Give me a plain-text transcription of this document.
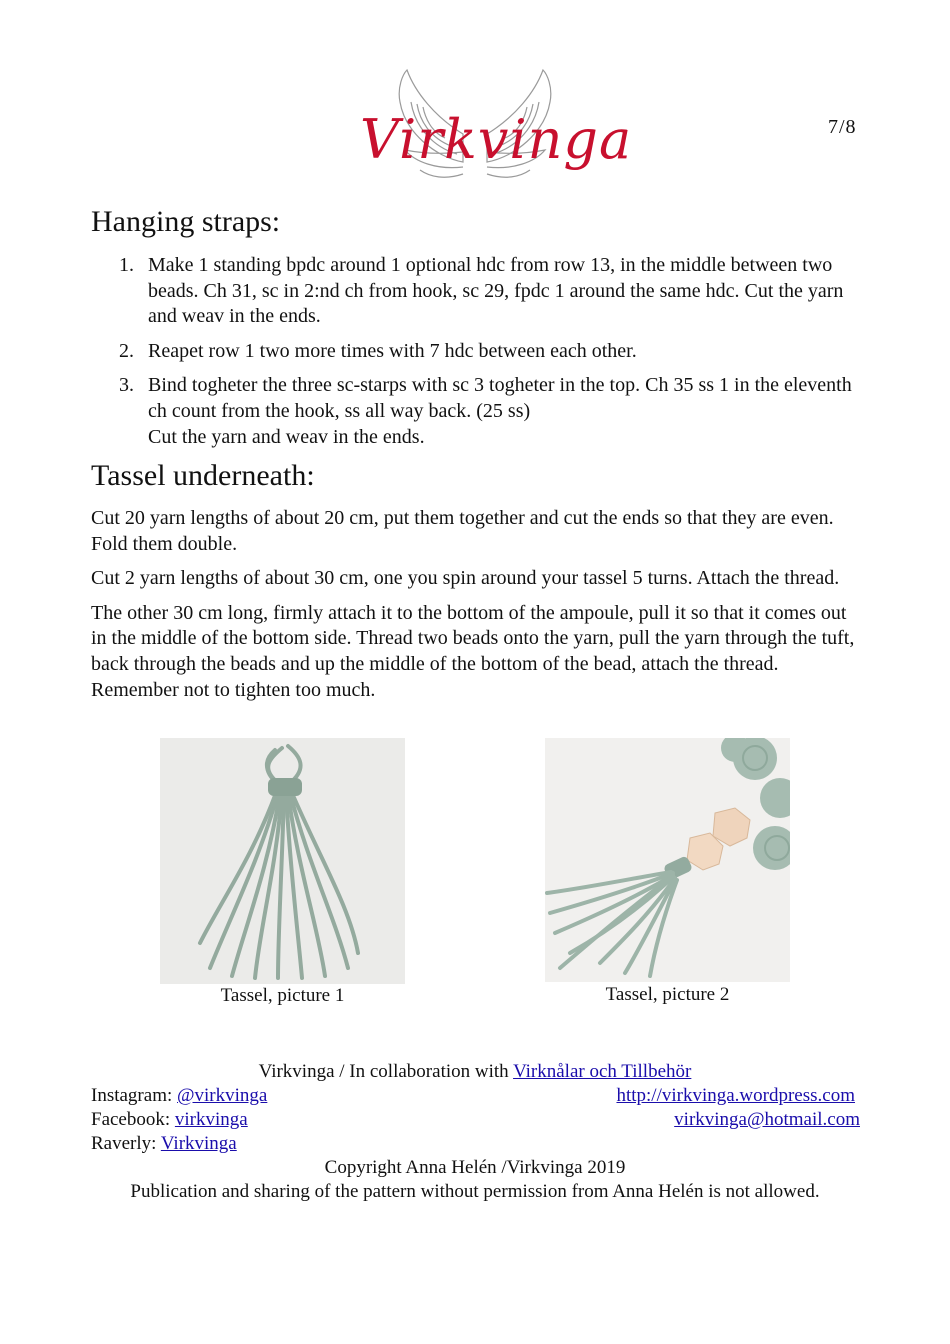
7/8
Virkvinga
Hanging straps:
1. Make 1 standing bpdc around 1 optional hdc from row 13, in the middle between two beads. Ch 31, sc in 2:nd ch from hook, sc 29, fpdc 1 around the same hdc. Cut the yarn and weav in the ends.
2. Reapet row 1 two more times with 7 hdc between each other.
3. Bind togheter the three sc-starps with sc 3 togheter in the top. Ch 35 ss 1 in the eleventh ch count from the hook, ss all way back. (25 ss)
Cut the yarn and weav in the ends.
Tassel underneath:

Cut 20 yarn lengths of about 20 cm, put them together and cut the ends so that they are even. Fold them double.

Cut 2 yarn lengths of about 30 cm, one you spin around your tassel 5 turns. Attach the thread.

The other 30 cm long, firmly attach it to the bottom of the ampoule, pull it so that it comes out in the middle of the bottom side. Thread two beads onto the yarn, pull the yarn through the tuft, back through the beads and up the middle of the bottom of the bead, attach the thread. Remember not to tighten too much.

Tassel, picture 1	Tassel, picture 2
Virkvinga / In collaboration with Virknålar och Tillbehör
Instagram: @virkvinga	http://virkvinga.wordpress.com
Facebook: virkvinga	virkvinga@hotmail.com
Raverly: Virkvinga
Copyright Anna Helén /Virkvinga 2019
Publication and sharing of the pattern without permission from Anna Helén is not allowed.
